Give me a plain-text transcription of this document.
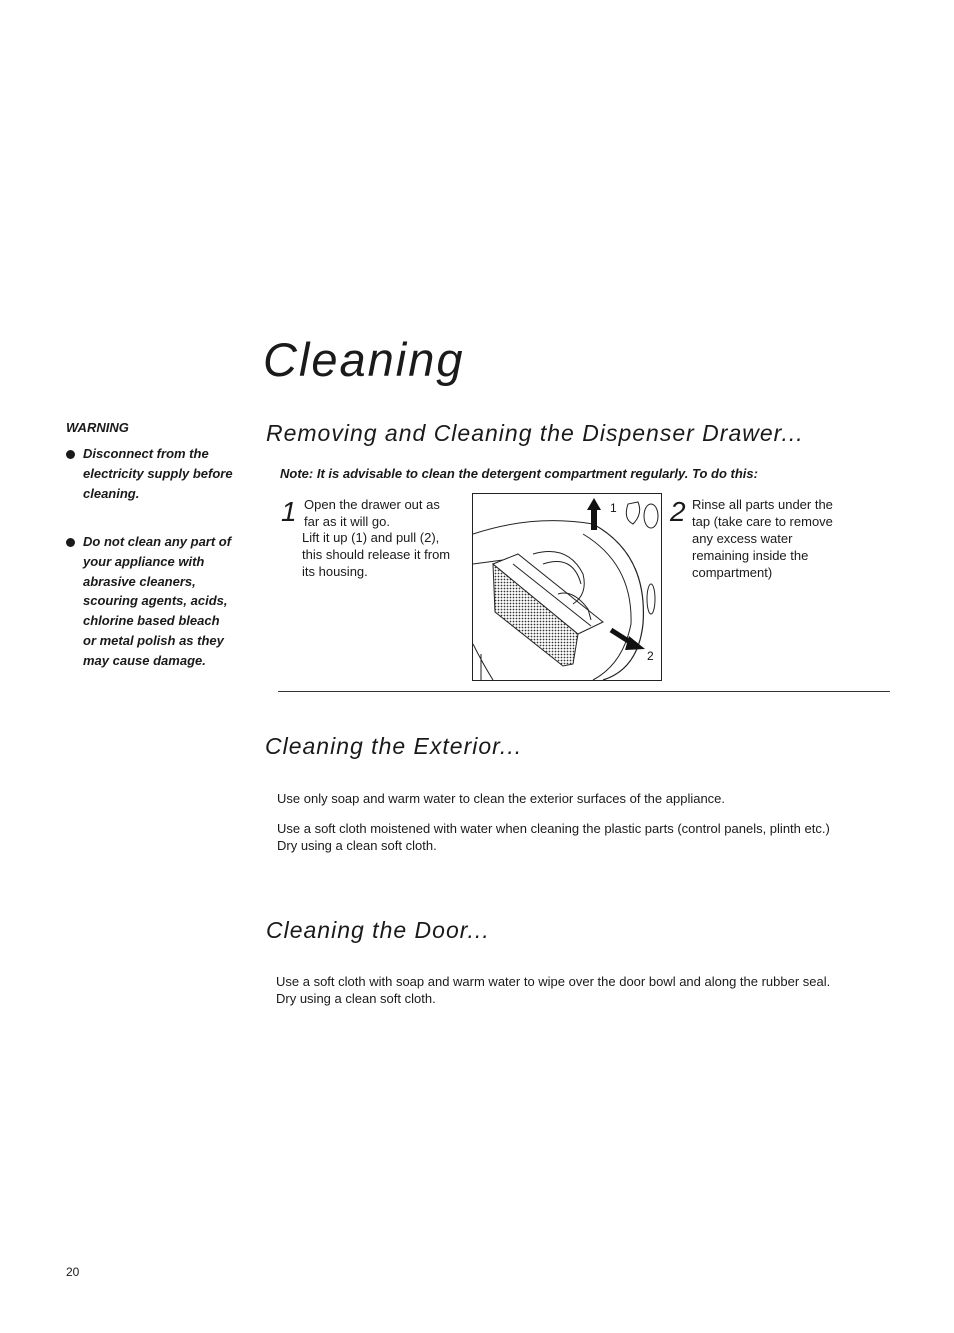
Cleaning
WARNING
Disconnect from the electricity supply before cleaning.
Do not clean any part of your appliance with abrasive cleaners, scouring agents, acids, chlorine based bleach or metal polish as they may cause damage.
Removing and Cleaning the Dispenser Drawer...
Note: It is advisable to clean the detergent compartment regularly. To do this:
1 Open the drawer out as
far as it will go.
Lift it up (1) and pull (2),
this should release it from
its housing.
1
2
2 Rinse all parts under the tap (take care to remove any excess water remaining inside the compartment)
Cleaning the Exterior...
Use only soap and warm water to clean the exterior surfaces of the appliance.
Use a soft cloth moistened with water when cleaning the plastic parts (control panels, plinth etc.)
Dry using a clean soft cloth.
Cleaning the Door...
Use a soft cloth with soap and warm water to wipe over the door bowl and along the rubber seal.
Dry using a clean soft cloth.
20
